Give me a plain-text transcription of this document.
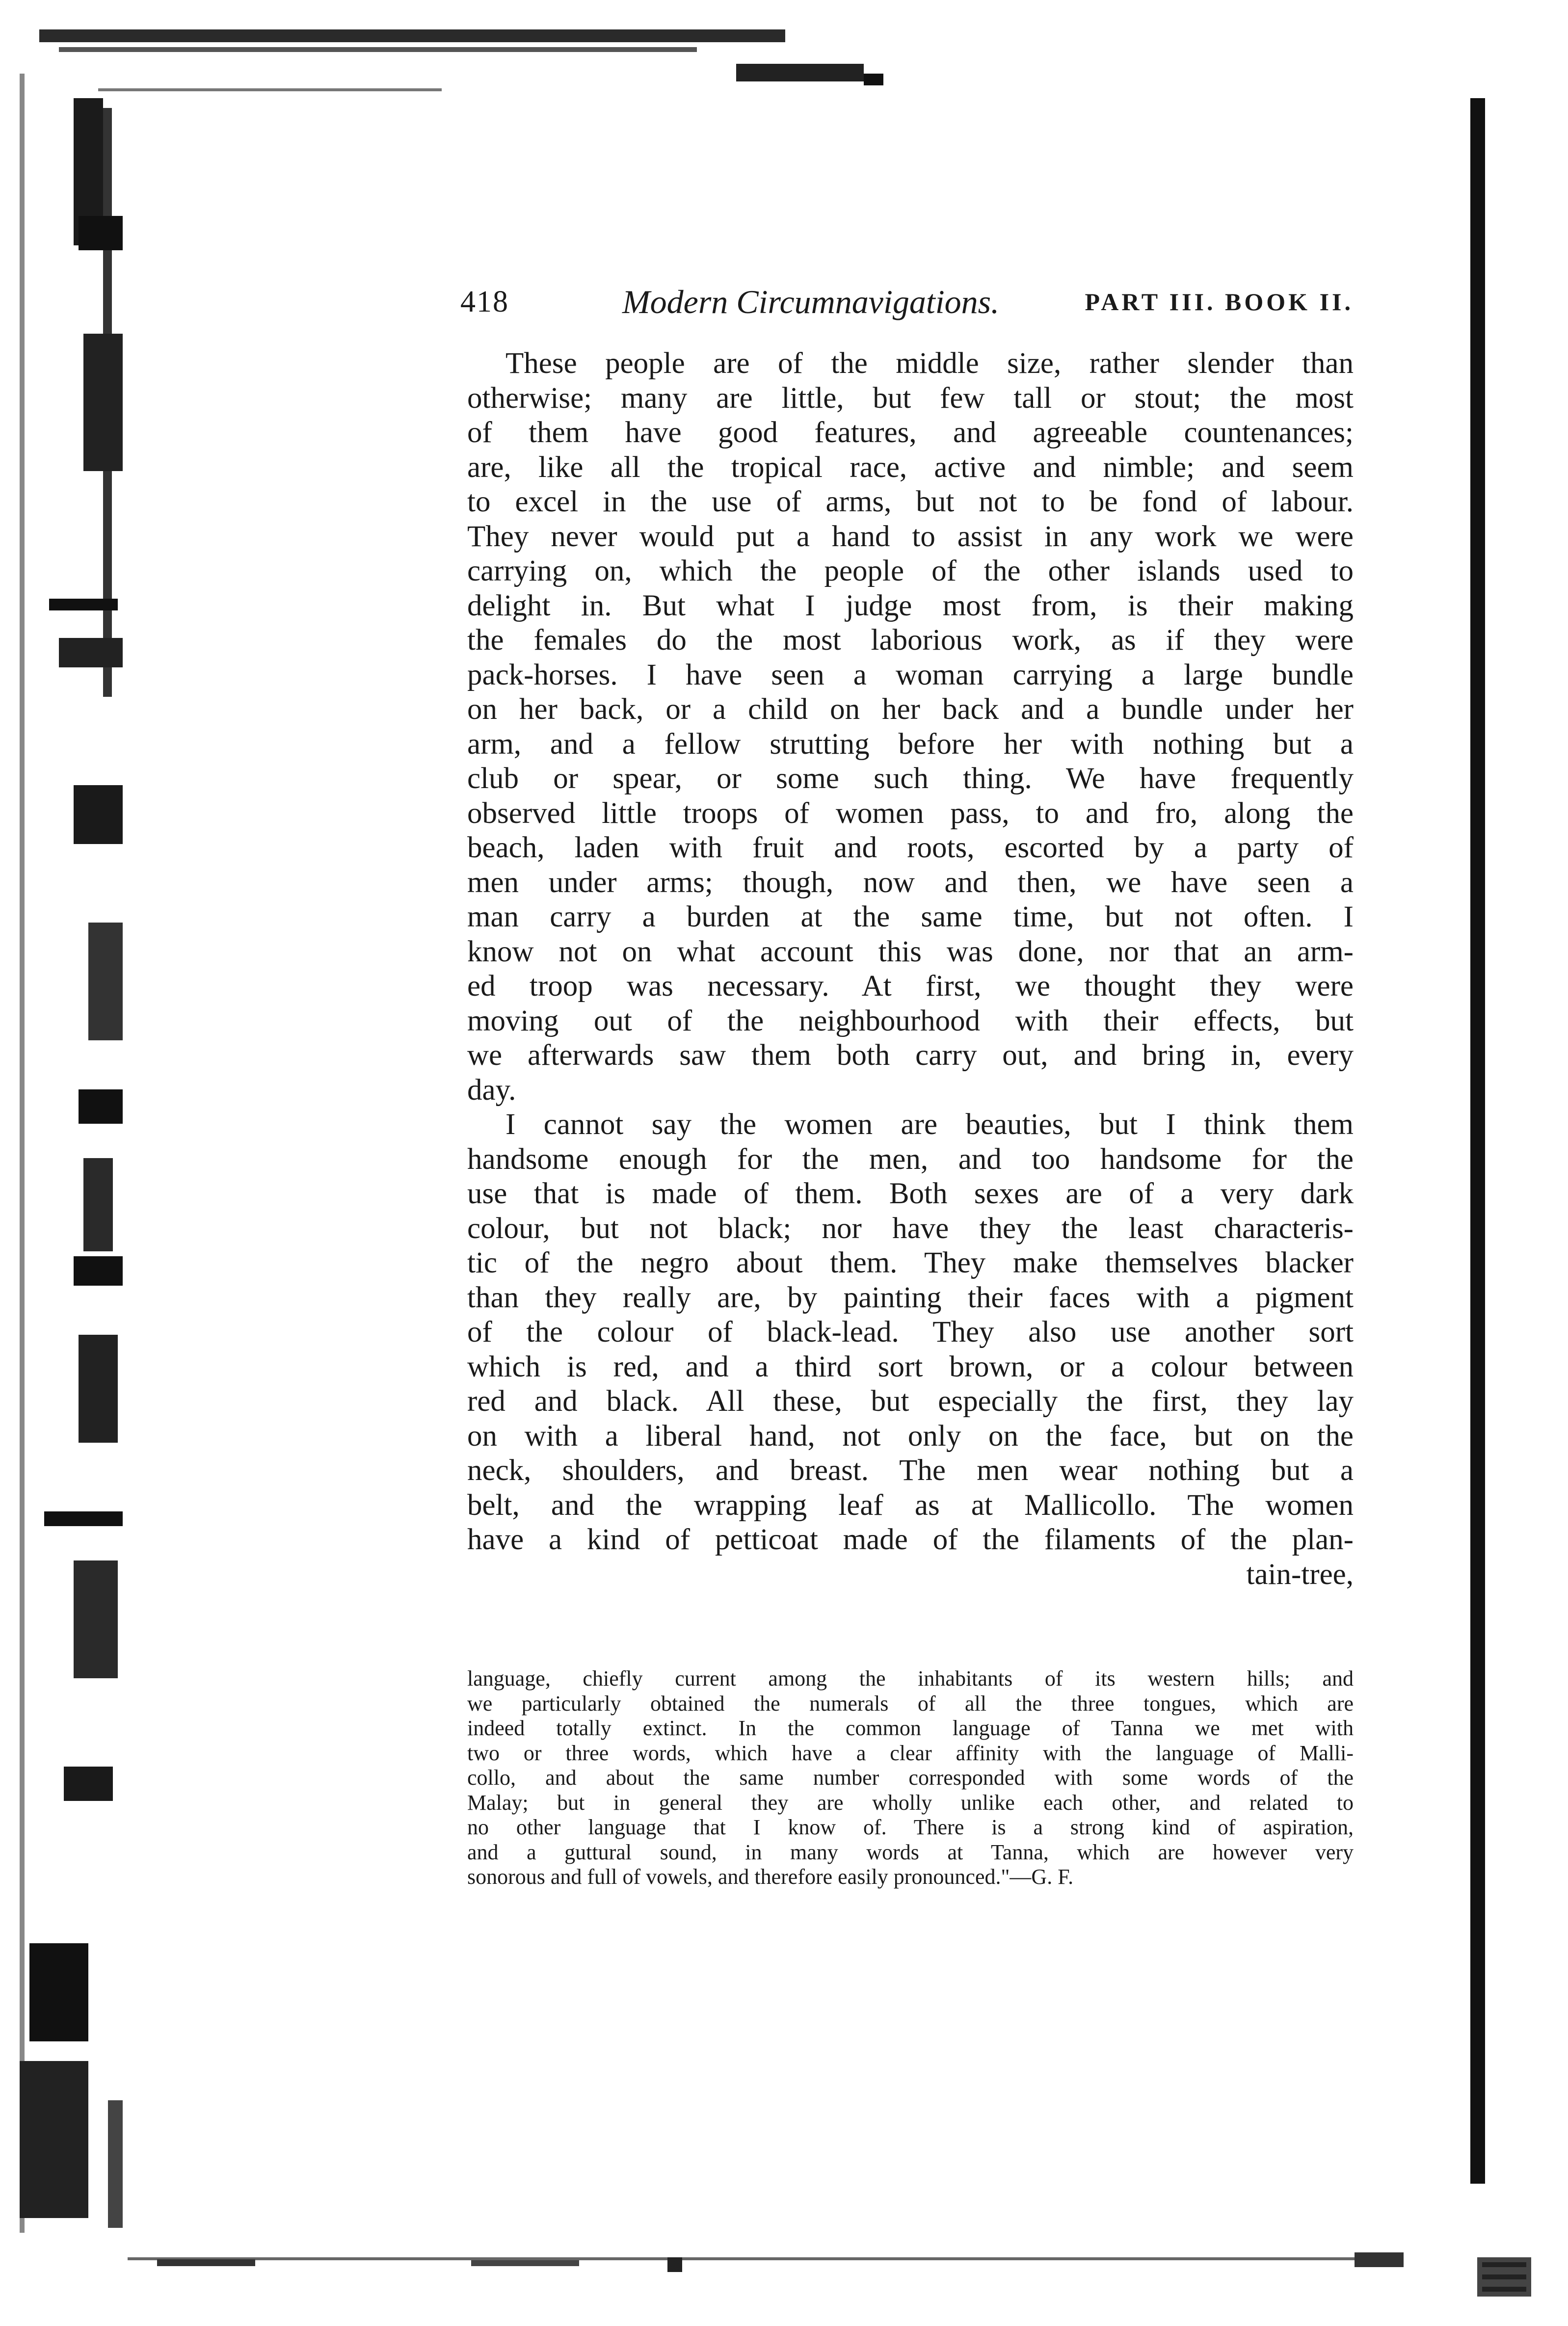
418	Modern Circumnavigations.	PART III. BOOK II.
These people are of the middle size, rather slender than
otherwise; many are little, but few tall or stout; the most
of them have good features, and agreeable countenances;
are, like all the tropical race, active and nimble; and seem
to excel in the use of arms, but not to be fond of labour.
They never would put a hand to assist in any work we were
carrying on, which the people of the other islands used to
delight in. But what I judge most from, is their making
the females do the most laborious work, as if they were
pack-horses. I have seen a woman carrying a large bundle
on her back, or a child on her back and a bundle under her
arm, and a fellow strutting before her with nothing but a
club or spear, or some such thing. We have frequently
observed little troops of women pass, to and fro, along the
beach, laden with fruit and roots, escorted by a party of
men under arms; though, now and then, we have seen a
man carry a burden at the same time, but not often. I
know not on what account this was done, nor that an arm-
ed troop was necessary. At first, we thought they were
moving out of the neighbourhood with their effects, but
we afterwards saw them both carry out, and bring in, every
day.
I cannot say the women are beauties, but I think them
handsome enough for the men, and too handsome for the
use that is made of them. Both sexes are of a very dark
colour, but not black; nor have they the least characteris-
tic of the negro about them. They make themselves blacker
than they really are, by painting their faces with a pigment
of the colour of black-lead. They also use another sort
which is red, and a third sort brown, or a colour between
red and black. All these, but especially the first, they lay
on with a liberal hand, not only on the face, but on the
neck, shoulders, and breast. The men wear nothing but a
belt, and the wrapping leaf as at Mallicollo. The women
have a kind of petticoat made of the filaments of the plan-
tain-tree,
language, chiefly current among the inhabitants of its western hills; and
we particularly obtained the numerals of all the three tongues, which are
indeed totally extinct. In the common language of Tanna we met with
two or three words, which have a clear affinity with the language of Malli-
collo, and about the same number corresponded with some words of the
Malay; but in general they are wholly unlike each other, and related to
no other language that I know of. There is a strong kind of aspiration,
and a guttural sound, in many words at Tanna, which are however very
sonorous and full of vowels, and therefore easily pronounced."—G. F.
